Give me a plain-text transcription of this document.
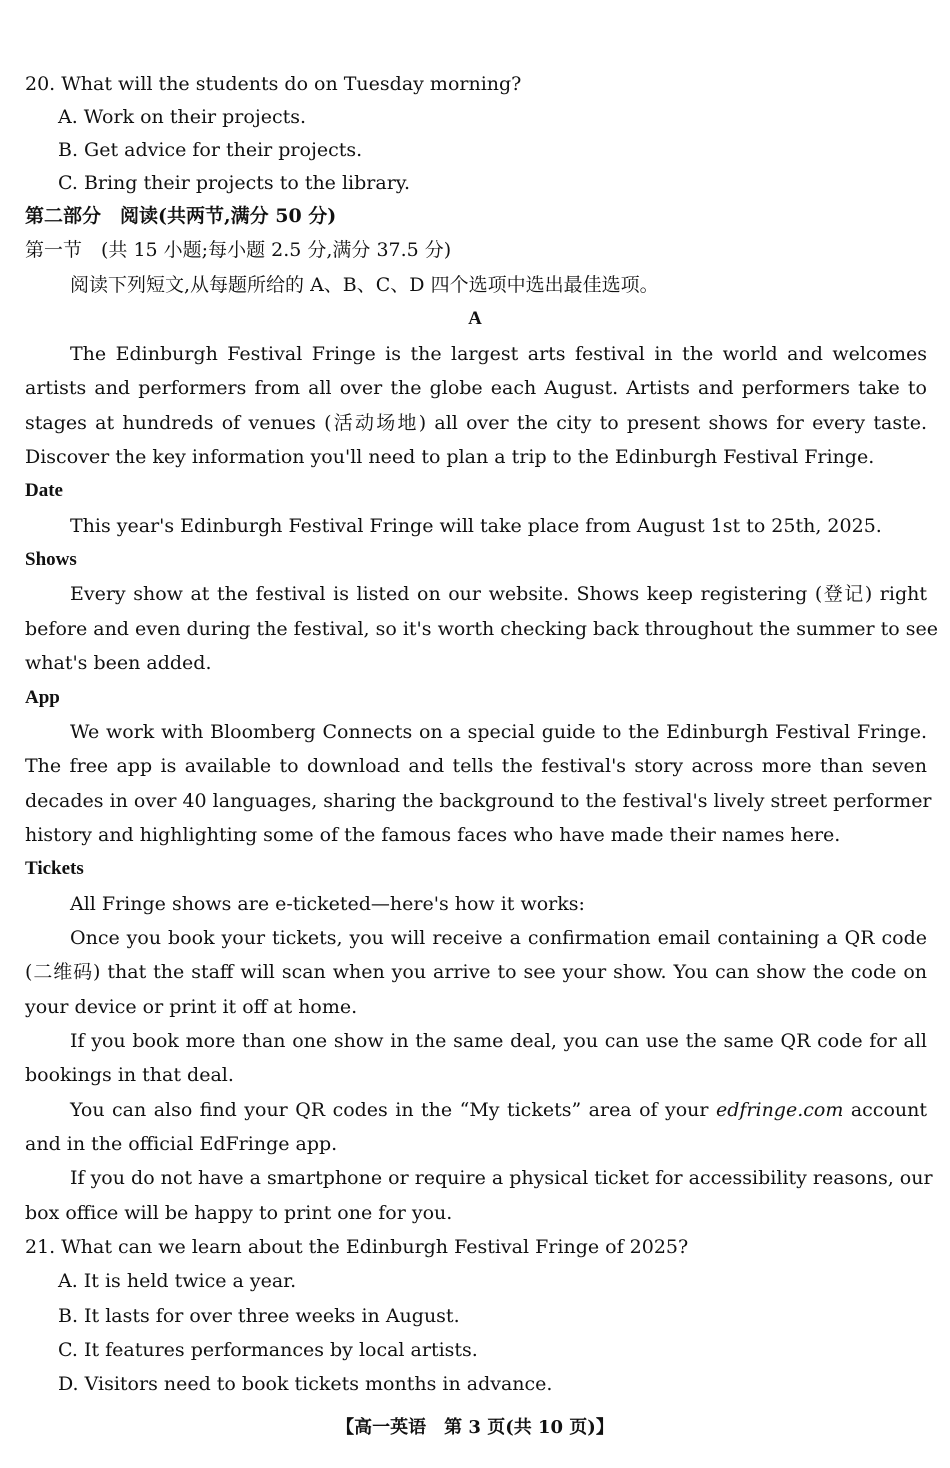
20. What will the students do on Tuesday morning?
A. Work on their projects.
B. Get advice for their projects.
C. Bring their projects to the library.
第二部分　阅读(共两节,满分 50 分)
第一节　(共 15 小题;每小题 2.5 分,满分 37.5 分)
阅读下列短文,从每题所给的 A、B、C、D 四个选项中选出最佳选项。
A
The Edinburgh Festival Fringe is the largest arts festival in the world and welcomes
artists and performers from all over the globe each August. Artists and performers take to
stages at hundreds of venues (活动场地) all over the city to present shows for every taste.
Discover the key information you'll need to plan a trip to the Edinburgh Festival Fringe.
Date
This year's Edinburgh Festival Fringe will take place from August 1st to 25th, 2025.
Shows
Every show at the festival is listed on our website. Shows keep registering (登记) right
before and even during the festival, so it's worth checking back throughout the summer to see
what's been added.
App
We work with Bloomberg Connects on a special guide to the Edinburgh Festival Fringe.
The free app is available to download and tells the festival's story across more than seven
decades in over 40 languages, sharing the background to the festival's lively street performer
history and highlighting some of the famous faces who have made their names here.
Tickets
All Fringe shows are e-ticketed—here's how it works:
Once you book your tickets, you will receive a confirmation email containing a QR code
(二维码) that the staff will scan when you arrive to see your show. You can show the code on
your device or print it off at home.
If you book more than one show in the same deal, you can use the same QR code for all
bookings in that deal.
You can also find your QR codes in the “My tickets” area of your edfringe.com account
and in the official EdFringe app.
If you do not have a smartphone or require a physical ticket for accessibility reasons, our
box office will be happy to print one for you.
21. What can we learn about the Edinburgh Festival Fringe of 2025?
A. It is held twice a year.
B. It lasts for over three weeks in August.
C. It features performances by local artists.
D. Visitors need to book tickets months in advance.
【高一英语　第 3 页(共 10 页)】
